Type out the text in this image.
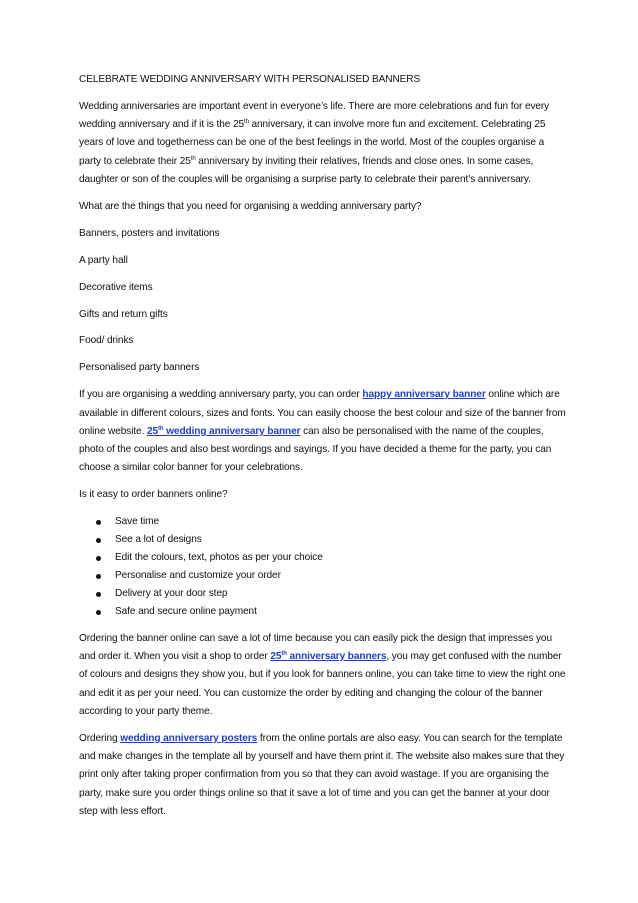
CELEBRATE WEDDING ANNIVERSARY WITH PERSONALISED BANNERS

Wedding anniversaries are important event in everyone’s life. There are more celebrations and fun for every wedding anniversary and if it is the 25th anniversary, it can involve more fun and excitement. Celebrating 25 years of love and togetherness can be one of the best feelings in the world. Most of the couples organise a party to celebrate their 25th anniversary by inviting their relatives, friends and close ones. In some cases, daughter or son of the couples will be organising a surprise party to celebrate their parent’s anniversary.

What are the things that you need for organising a wedding anniversary party?

Banners, posters and invitations

A party hall

Decorative items

Gifts and return gifts

Food/ drinks

Personalised party banners

If you are organising a wedding anniversary party, you can order happy anniversary banner online which are available in different colours, sizes and fonts. You can easily choose the best colour and size of the banner from online website. 25th wedding anniversary banner can also be personalised with the name of the couples, photo of the couples and also best wordings and sayings. If you have decided a theme for the party, you can choose a similar color banner for your celebrations.

Is it easy to order banners online?

Save time
See a lot of designs
Edit the colours, text, photos as per your choice
Personalise and customize your order
Delivery at your door step
Safe and secure online payment

Ordering the banner online can save a lot of time because you can easily pick the design that impresses you and order it. When you visit a shop to order 25th anniversary banners, you may get confused with the number of colours and designs they show you, but if you look for banners online, you can take time to view the right one and edit it as per your need. You can customize the order by editing and changing the colour of the banner according to your party theme.

Ordering wedding anniversary posters from the online portals are also easy. You can search for the template and make changes in the template all by yourself and have them print it. The website also makes sure that they print only after taking proper confirmation from you so that they can avoid wastage. If you are organising the party, make sure you order things online so that it save a lot of time and you can get the banner at your door step with less effort.
